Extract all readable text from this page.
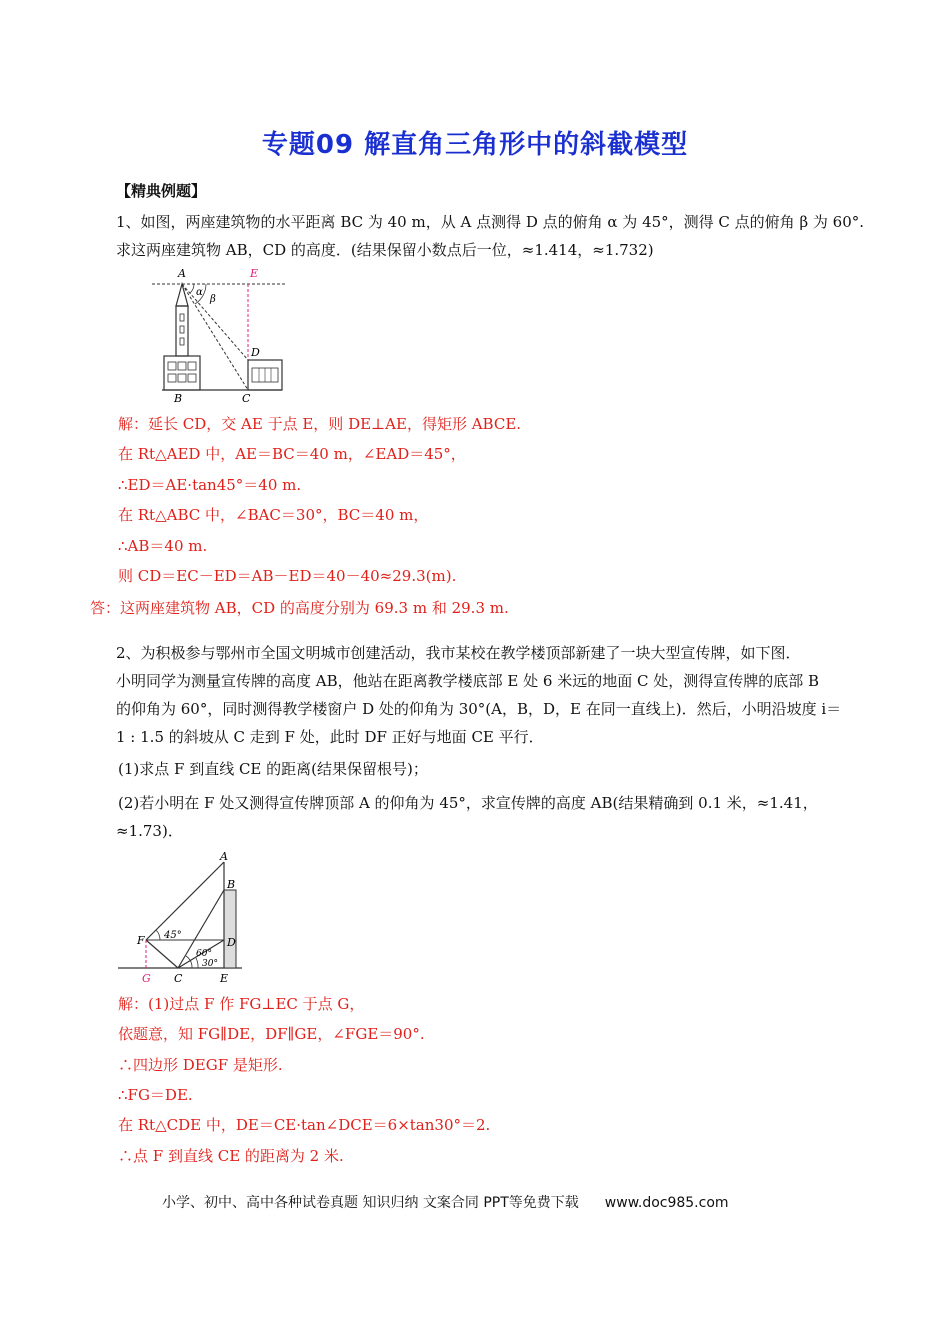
专题09 解直角三角形中的斜截模型
【精典例题】
1、如图，两座建筑物的水平距离 BC 为 40 m，从 A 点测得 D 点的俯角 α 为 45°，测得 C 点的俯角 β 为 60°.
求这两座建筑物 AB，CD 的高度．(结果保留小数点后一位，≈1.414，≈1.732)
A	E
D
B	C
α
β
解：延长 CD，交 AE 于点 E，则 DE⊥AE，得矩形 ABCE.
在 Rt△AED 中，AE＝BC＝40 m，∠EAD＝45°，
∴ED＝AE·tan45°＝40 m.
在 Rt△ABC 中，∠BAC＝30°，BC＝40 m，
∴AB＝40 m.
则 CD＝EC－ED＝AB－ED＝40－40≈29.3(m).
答：这两座建筑物 AB，CD 的高度分别为 69.3 m 和 29.3 m.
2、为积极参与鄂州市全国文明城市创建活动，我市某校在教学楼顶部新建了一块大型宣传牌，如下图．
小明同学为测量宣传牌的高度 AB，他站在距离教学楼底部 E 处 6 米远的地面 C 处，测得宣传牌的底部 B
的仰角为 60°，同时测得教学楼窗户 D 处的仰角为 30°(A，B，D，E 在同一直线上)．然后，小明沿坡度 i＝
1 : 1.5 的斜坡从 C 走到 F 处，此时 DF 正好与地面 CE 平行．
(1)求点 F 到直线 CE 的距离(结果保留根号)；
(2)若小明在 F 处又测得宣传牌顶部 A 的仰角为 45°，求宣传牌的高度 AB(结果精确到 0.1 米，≈1.41，
≈1.73)．
A
B
D
F
G C	E
45°
60°
30°
解：(1)过点 F 作 FG⊥EC 于点 G，
依题意，知 FG∥DE，DF∥GE，∠FGE＝90°.
∴四边形 DEGF 是矩形.
∴FG＝DE.
在 Rt△CDE 中，DE＝CE·tan∠DCE＝6×tan30°＝2.
∴点 F 到直线 CE 的距离为 2 米.
小学、初中、高中各种试卷真题 知识归纳 文案合同 PPT等免费下载 www.doc985.com
